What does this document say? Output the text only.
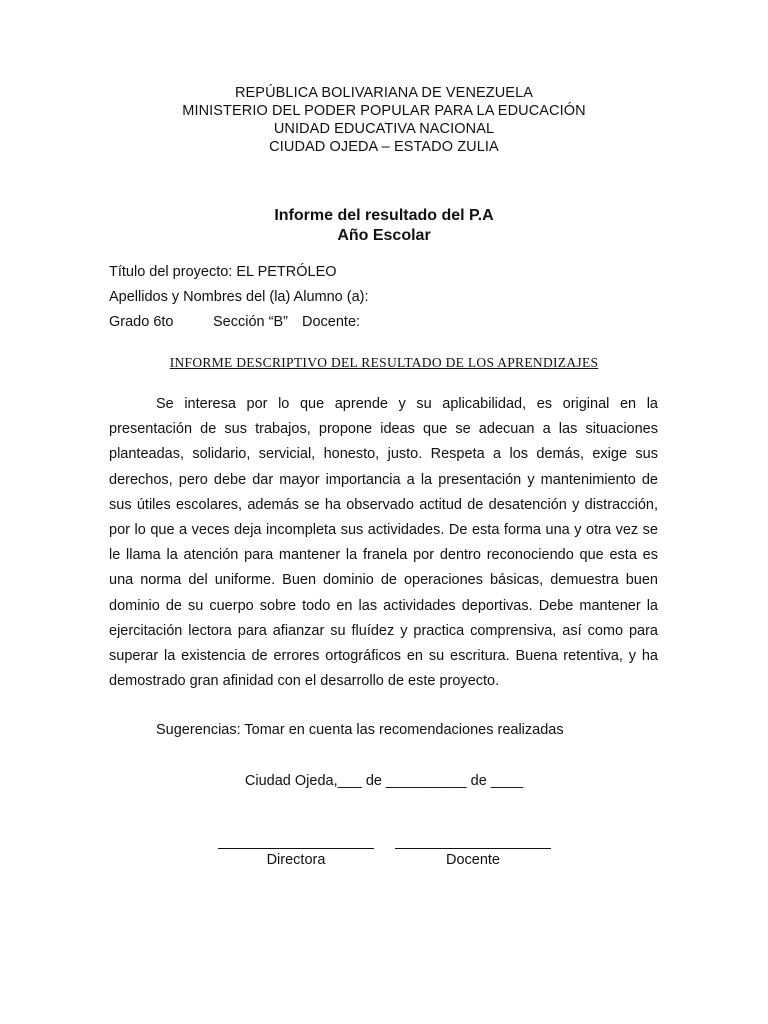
REPÚBLICA BOLIVARIANA DE VENEZUELA
MINISTERIO DEL PODER POPULAR PARA LA EDUCACIÓN
UNIDAD EDUCATIVA NACIONAL
CIUDAD OJEDA – ESTADO ZULIA
Informe del resultado del P.A
Año Escolar
Título del proyecto: EL PETRÓLEO
Apellidos y Nombres del (la) Alumno (a):
Grado 6to	Sección “B” Docente:
INFORME DESCRIPTIVO DEL RESULTADO DE LOS APRENDIZAJES

Se interesa por lo que aprende y su aplicabilidad, es original en la presentación de sus trabajos, propone ideas que se adecuan a las situaciones planteadas, solidario, servicial, honesto, justo. Respeta a los demás, exige sus derechos, pero debe dar mayor importancia a la presentación y mantenimiento de sus útiles escolares, además se ha observado actitud de desatención y distracción, por lo que a veces deja incompleta sus actividades. De esta forma una y otra vez se le llama la atención para mantener la franela por dentro reconociendo que esta es una norma del uniforme. Buen dominio de operaciones básicas, demuestra buen dominio de su cuerpo sobre todo en las actividades deportivas. Debe mantener la ejercitación lectora para afianzar su fluídez y practica comprensiva, así como para superar la existencia de errores ortográficos en su escritura. Buena retentiva, y ha demostrado gran afinidad con el desarrollo de este proyecto.

Sugerencias: Tomar en cuenta las recomendaciones realizadas
Ciudad Ojeda,___ de __________ de ____
Directora	Docente
